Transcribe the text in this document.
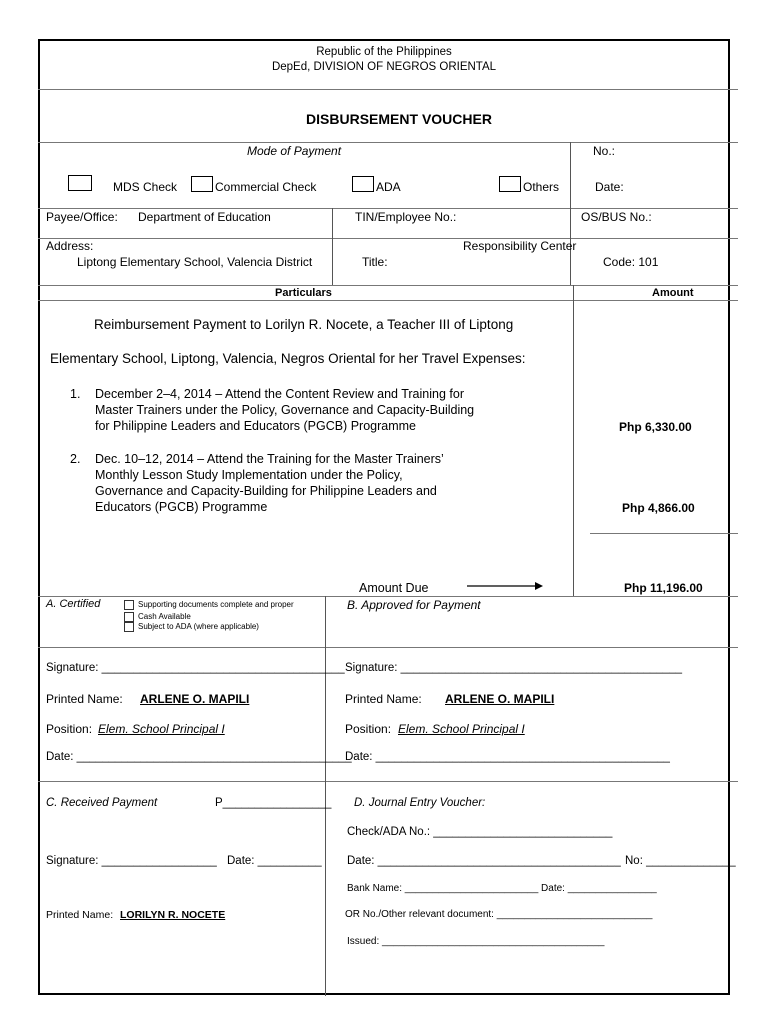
Republic of the Philippines
DepEd, DIVISION OF NEGROS ORIENTAL
DISBURSEMENT VOUCHER
Mode of Payment	No.:
MDS Check	Commercial Check	ADA	Others	Date:
Payee/Office: Department of Education	TIN/Employee No.:	OS/BUS No.:
Address:
Liptong Elementary School, Valencia District	Title:
Responsibility Center
Code: 101
Particulars	Amount
Reimbursement Payment to Lorilyn R. Nocete, a Teacher III of Liptong
Elementary School, Liptong, Valencia, Negros Oriental for her Travel Expenses:
1. December 2–4, 2014 – Attend the Content Review and Training for
Master Trainers under the Policy, Governance and Capacity-Building
for Philippine Leaders and Educators (PGCB) Programme	Php 6,330.00
2. Dec. 10–12, 2014 – Attend the Training for the Master Trainers’
Monthly Lesson Study Implementation under the Policy,
Governance and Capacity-Building for Philippine Leaders and
Educators (PGCB) Programme	Php 4,866.00
Amount Due	Php 11,196.00
A. Certified	Supporting documents complete and proper
Cash Available
Subject to ADA (where applicable)
Signature: ______________________________________
Printed Name: ARLENE O. MAPILI
Position: Elem. School Principal I
Date: ___________________________________________
B. Approved for Payment
Signature: ____________________________________________
Printed Name: ARLENE O. MAPILI
Position: Elem. School Principal I
Date: ______________________________________________
C. Received Payment	P_________________
Signature: __________________ Date: __________
Printed Name: LORILYN R. NOCETE
D. Journal Entry Voucher:
Check/ADA No.: ____________________________
Date: ______________________________________ No: ______________
Bank Name: ________________________ Date: ________________
OR No./Other relevant document: ____________________________
Issued: ________________________________________
